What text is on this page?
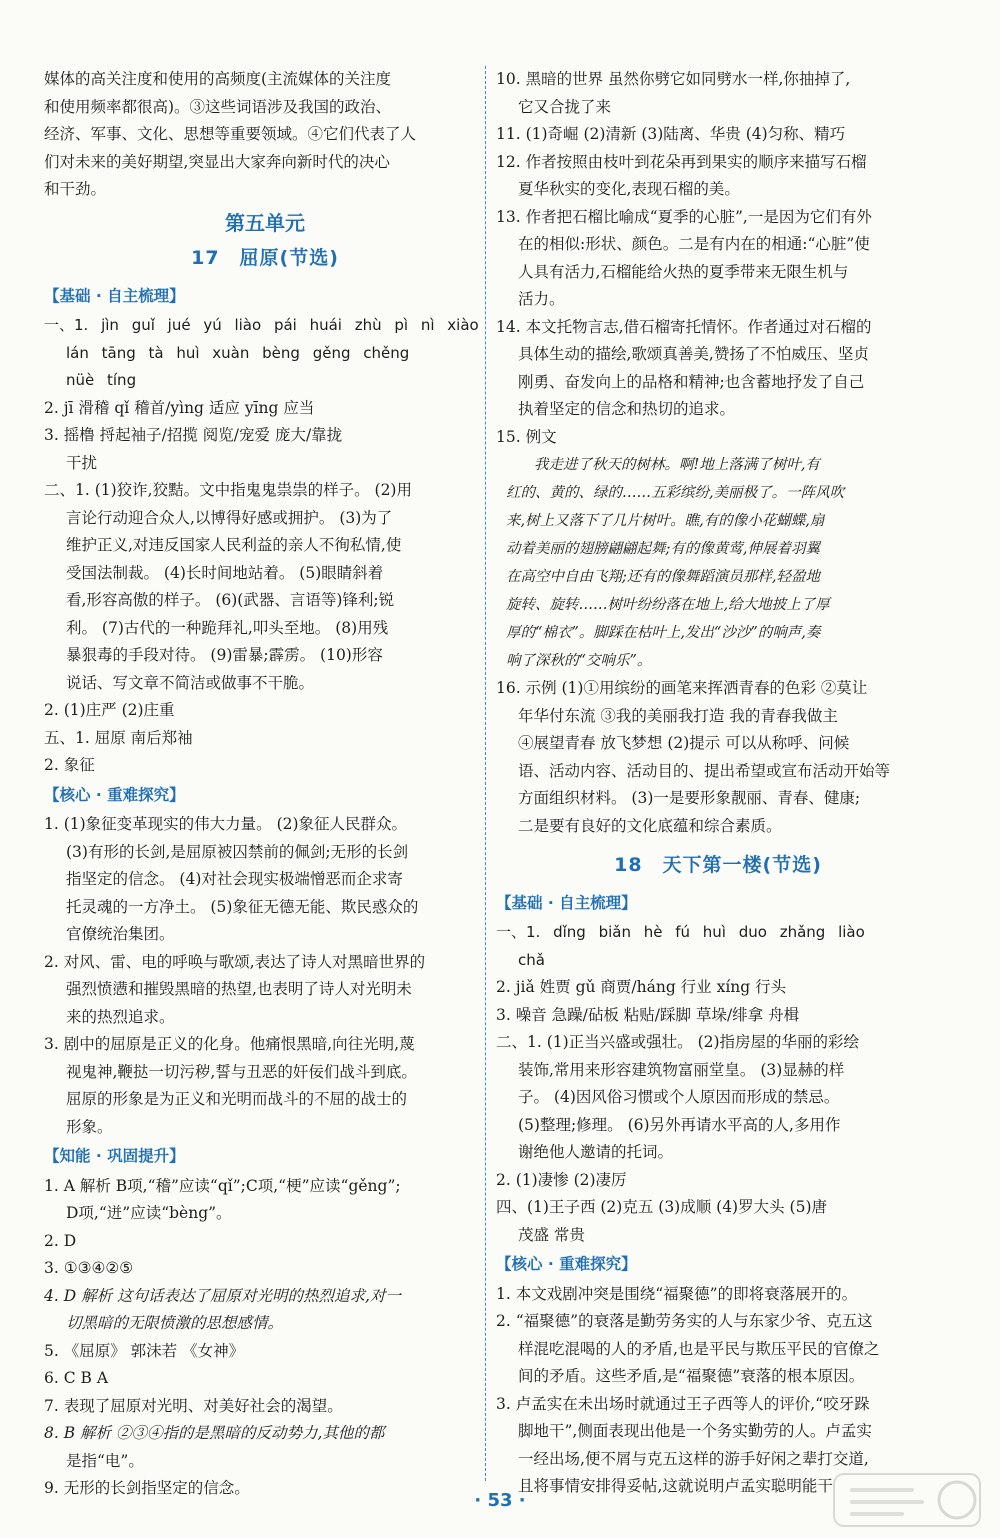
媒体的高关注度和使用的高频度(主流媒体的关注度

和使用频率都很高)。③这些词语涉及我国的政治、

经济、军事、文化、思想等重要领域。④它们代表了人

们对未来的美好期望,突显出大家奔向新时代的决心

和干劲。

第五单元
17　屈原(节选)
【基础 · 自主梳理】

一、1. jìn guǐ jué yú liào pái huái zhù pì nì xiào

lán tāng tà huì xuàn bèng gěng chěng

nüè tíng

2. jī 滑稽 qǐ 稽首/yìng 适应 yīng 应当

3. 摇橹 捋起袖子/招揽 阅览/宠爱 庞大/靠拢

干扰

二、1. (1)狡诈,狡黠。文中指鬼鬼祟祟的样子。 (2)用

言论行动迎合众人,以博得好感或拥护。 (3)为了

维护正义,对违反国家人民利益的亲人不徇私情,使

受国法制裁。 (4)长时间地站着。 (5)眼睛斜着

看,形容高傲的样子。 (6)(武器、言语等)锋利;锐

利。 (7)古代的一种跪拜礼,叩头至地。 (8)用残

暴狠毒的手段对待。 (9)雷暴;霹雳。 (10)形容

说话、写文章不简洁或做事不干脆。

2. (1)庄严 (2)庄重

五、1. 屈原 南后郑袖

2. 象征

【核心 · 重难探究】

1. (1)象征变革现实的伟大力量。 (2)象征人民群众。

(3)有形的长剑,是屈原被囚禁前的佩剑;无形的长剑

指坚定的信念。 (4)对社会现实极端憎恶而企求寄

托灵魂的一方净土。 (5)象征无德无能、欺民惑众的

官僚统治集团。

2. 对风、雷、电的呼唤与歌颂,表达了诗人对黑暗世界的

强烈愤懑和摧毁黑暗的热望,也表明了诗人对光明未

来的热烈追求。

3. 剧中的屈原是正义的化身。他痛恨黑暗,向往光明,蔑

视鬼神,鞭挞一切污秽,誓与丑恶的奸佞们战斗到底。

屈原的形象是为正义和光明而战斗的不屈的战士的

形象。

【知能 · 巩固提升】

1. A 解析 B项,“稽”应读“qǐ”;C项,“梗”应读“gěng”;

D项,“迸”应读“bèng”。

2. D

3. ①③④②⑤

4. D 解析 这句话表达了屈原对光明的热烈追求,对一

切黑暗的无限愤激的思想感情。

5. 《屈原》 郭沫若 《女神》

6. C B A

7. 表现了屈原对光明、对美好社会的渴望。

8. B 解析 ②③④指的是黑暗的反动势力,其他的都

是指“电”。

9. 无形的长剑指坚定的信念。

10. 黑暗的世界 虽然你劈它如同劈水一样,你抽掉了,

它又合拢了来

11. (1)奇崛 (2)清新 (3)陆离、华贵 (4)匀称、精巧

12. 作者按照由枝叶到花朵再到果实的顺序来描写石榴

夏华秋实的变化,表现石榴的美。

13. 作者把石榴比喻成“夏季的心脏”,一是因为它们有外

在的相似:形状、颜色。二是有内在的相通:“心脏”使

人具有活力,石榴能给火热的夏季带来无限生机与

活力。

14. 本文托物言志,借石榴寄托情怀。作者通过对石榴的

具体生动的描绘,歌颂真善美,赞扬了不怕威压、坚贞

刚勇、奋发向上的品格和精神;也含蓄地抒发了自己

执着坚定的信念和热切的追求。

15. 例文

我走进了秋天的树林。啊!地上落满了树叶,有

红的、黄的、绿的……五彩缤纷,美丽极了。一阵风吹

来,树上又落下了几片树叶。瞧,有的像小花蝴蝶,扇

动着美丽的翅膀翩翩起舞;有的像黄莺,伸展着羽翼

在高空中自由飞翔;还有的像舞蹈演员那样,轻盈地

旋转、旋转……树叶纷纷落在地上,给大地披上了厚

厚的“棉衣”。脚踩在枯叶上,发出“沙沙”的响声,奏

响了深秋的“交响乐”。

16. 示例 (1)①用缤纷的画笔来挥洒青春的色彩 ②莫让

年华付东流 ③我的美丽我打造 我的青春我做主

④展望青春 放飞梦想 (2)提示 可以从称呼、问候

语、活动内容、活动目的、提出希望或宣布活动开始等

方面组织材料。 (3)一是要形象靓丽、青春、健康;

二是要有良好的文化底蕴和综合素质。

18　天下第一楼(节选)
【基础 · 自主梳理】

一、1. dǐng biǎn hè fú huì duo zhǎng liào

chǎ

2. jiǎ 姓贾 gǔ 商贾/háng 行业 xíng 行头

3. 噪音 急躁/砧板 粘贴/踩脚 草垛/绯拿 舟楫

二、1. (1)正当兴盛或强壮。 (2)指房屋的华丽的彩绘

装饰,常用来形容建筑物富丽堂皇。 (3)显赫的样

子。 (4)因风俗习惯或个人原因而形成的禁忌。

(5)整理;修理。 (6)另外再请水平高的人,多用作

谢绝他人邀请的托词。

2. (1)凄惨 (2)凄厉

四、(1)王子西 (2)克五 (3)成顺 (4)罗大头 (5)唐

茂盛 常贵

【核心 · 重难探究】

1. 本文戏剧冲突是围绕“福聚德”的即将衰落展开的。

2. “福聚德”的衰落是勤劳务实的人与东家少爷、克五这

样混吃混喝的人的矛盾,也是平民与欺压平民的官僚之

间的矛盾。这些矛盾,是“福聚德”衰落的根本原因。

3. 卢孟实在未出场时就通过王子西等人的评价,“咬牙跺

脚地干”,侧面表现出他是一个务实勤劳的人。卢孟实

一经出场,便不屑与克五这样的游手好闲之辈打交道,

且将事情安排得妥帖,这就说明卢孟实聪明能干

· 53 ·
